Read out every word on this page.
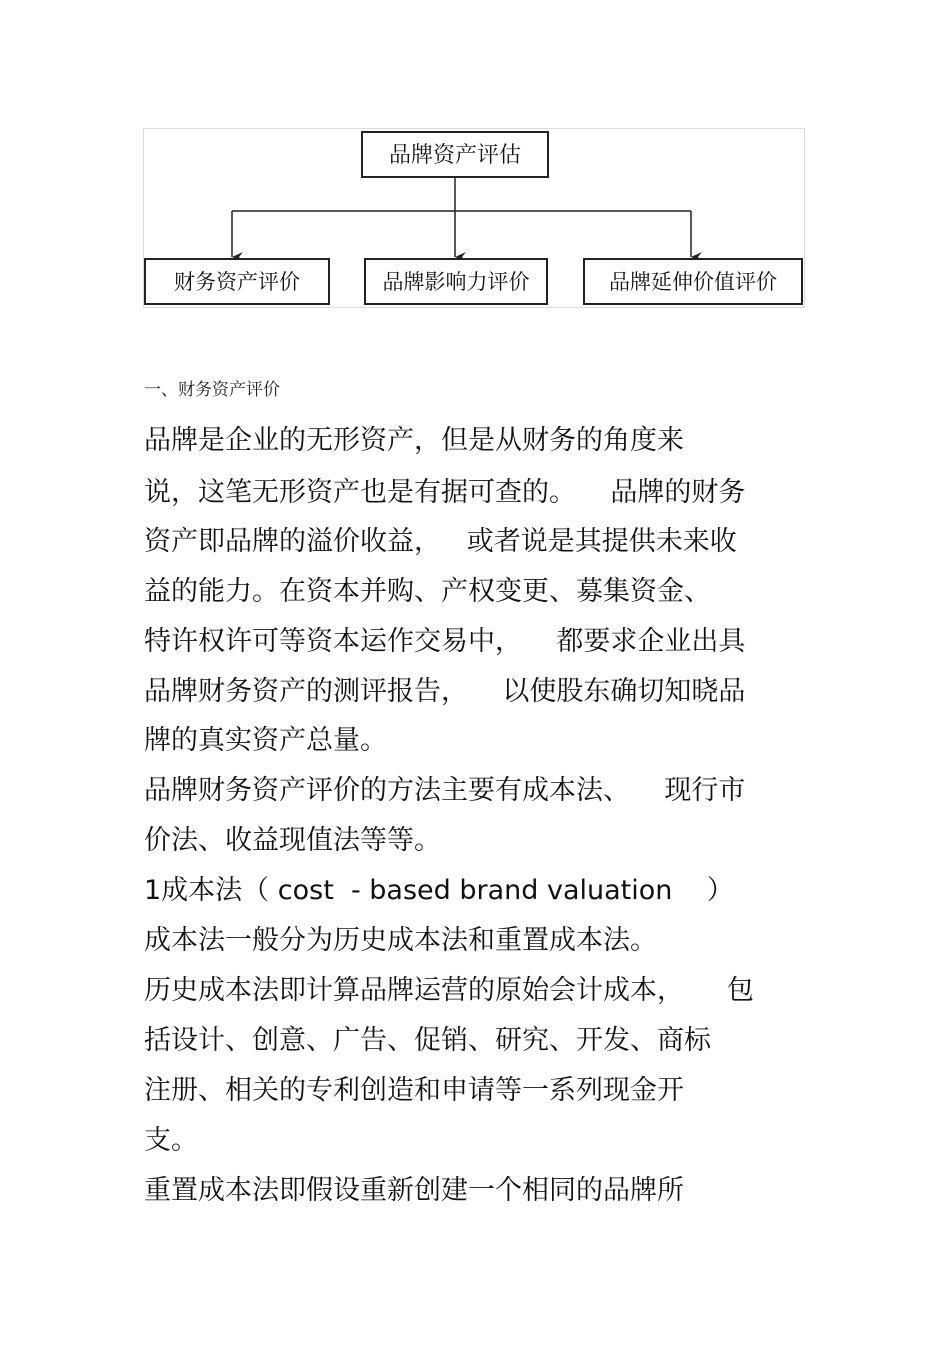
品牌资产评估
财务资产评价	品牌影响力评价	品牌延伸价值评价
一、财务资产评价
品牌是企业的无形资产，但是从财务的角度来
说，这笔无形资产也是有据可查的。    品牌的财务
资产即品牌的溢价收益，   或者说是其提供未来收
益的能力。在资本并购、产权变更、募集资金、
特许权许可等资本运作交易中，    都要求企业出具
品牌财务资产的测评报告，    以使股东确切知晓品
牌的真实资产总量。
品牌财务资产评价的方法主要有成本法、    现行市
价法、收益现值法等等。
1成本法（ cost  - based brand valuation    ）
成本法一般分为历史成本法和重置成本法。
历史成本法即计算品牌运营的原始会计成本，     包
括设计、创意、广告、促销、研究、开发、商标
注册、相关的专利创造和申请等一系列现金开
支。
重置成本法即假设重新创建一个相同的品牌所
